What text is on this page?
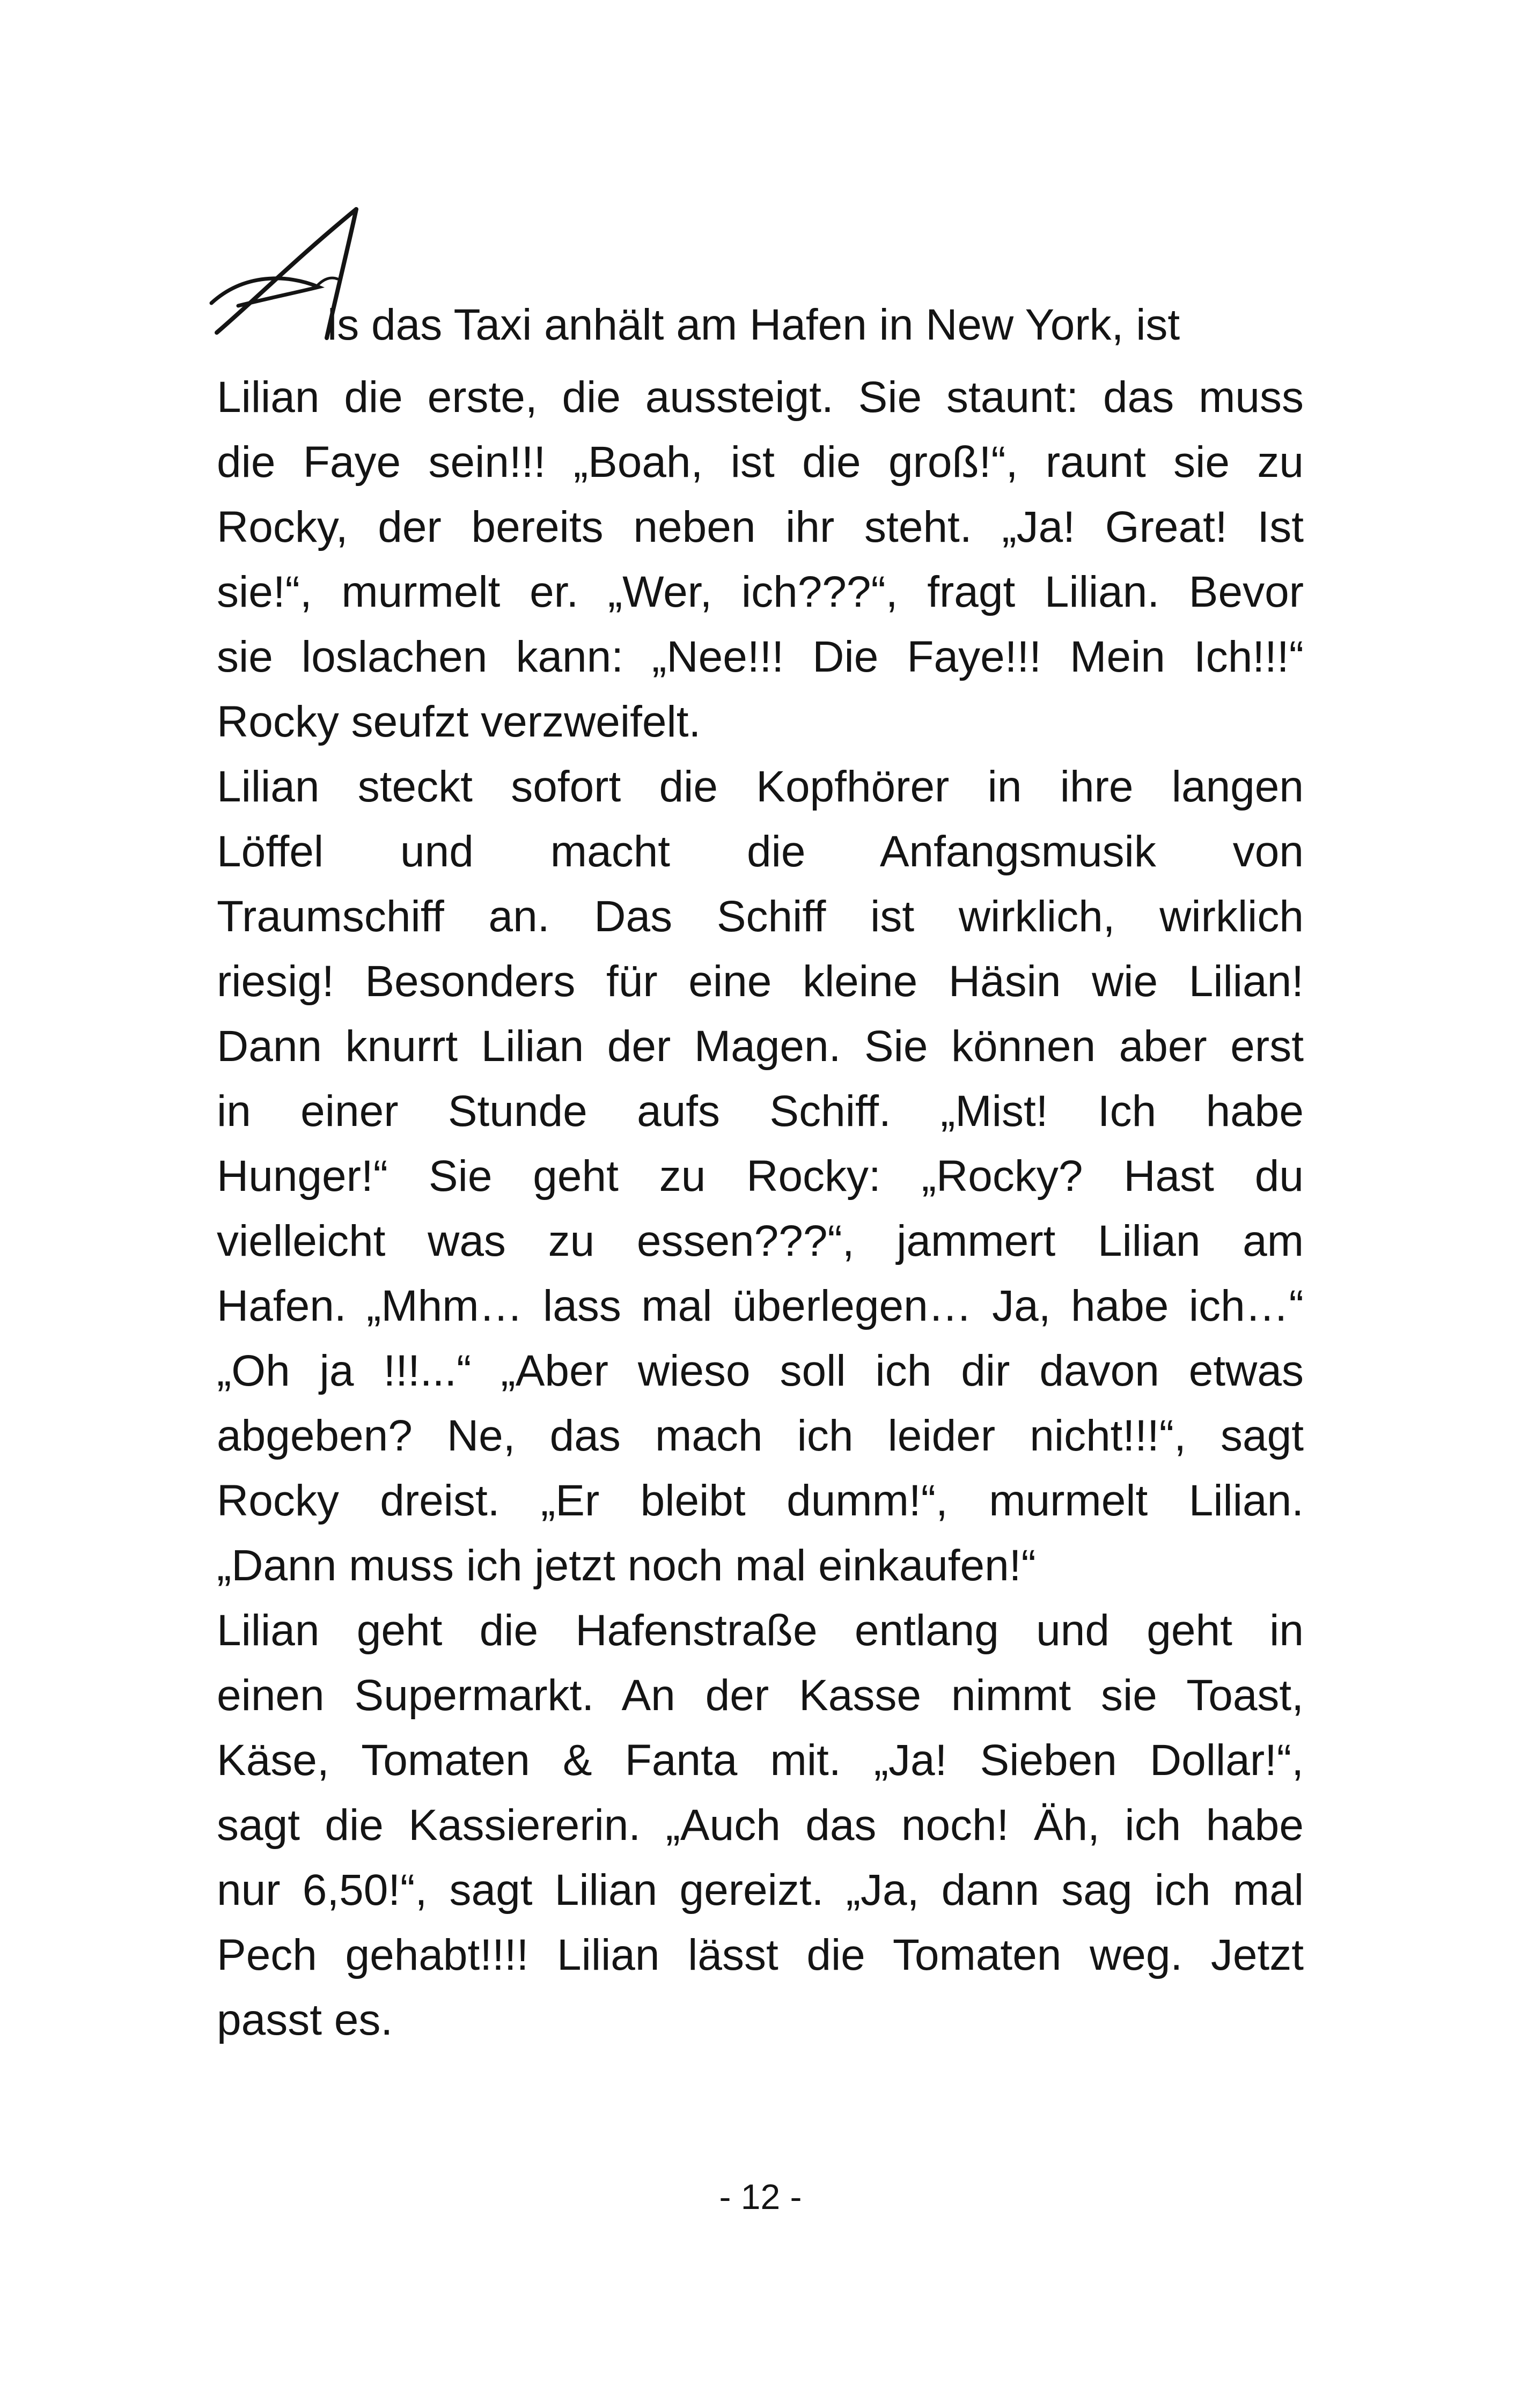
ls das Taxi anhält am Hafen in New York, ist
Lilian die erste, die aussteigt. Sie staunt: das muss
die Faye sein!!! „Boah, ist die groß!“, raunt sie zu
Rocky, der bereits neben ihr steht. „Ja! Great! Ist
sie!“, murmelt er. „Wer, ich???“, fragt Lilian. Bevor
sie loslachen kann: „Nee!!! Die Faye!!! Mein Ich!!!“
Rocky seufzt verzweifelt.
Lilian steckt sofort die Kopfhörer in ihre langen
Löffel und macht die Anfangsmusik von
Traumschiff an. Das Schiff ist wirklich, wirklich
riesig! Besonders für eine kleine Häsin wie Lilian!
Dann knurrt Lilian der Magen. Sie können aber erst
in einer Stunde aufs Schiff. „Mist! Ich habe
Hunger!“ Sie geht zu Rocky: „Rocky? Hast du
vielleicht was zu essen???“, jammert Lilian am
Hafen. „Mhm… lass mal überlegen… Ja, habe ich…“
„Oh ja !!!...“ „Aber wieso soll ich dir davon etwas
abgeben? Ne, das mach ich leider nicht!!!“, sagt
Rocky dreist. „Er bleibt dumm!“, murmelt Lilian.
„Dann muss ich jetzt noch mal einkaufen!“
Lilian geht die Hafenstraße entlang und geht in
einen Supermarkt. An der Kasse nimmt sie Toast,
Käse, Tomaten & Fanta mit. „Ja! Sieben Dollar!“,
sagt die Kassiererin. „Auch das noch! Äh, ich habe
nur 6,50!“, sagt Lilian gereizt. „Ja, dann sag ich mal
Pech gehabt!!!! Lilian lässt die Tomaten weg. Jetzt
passt es.
- 12 -
